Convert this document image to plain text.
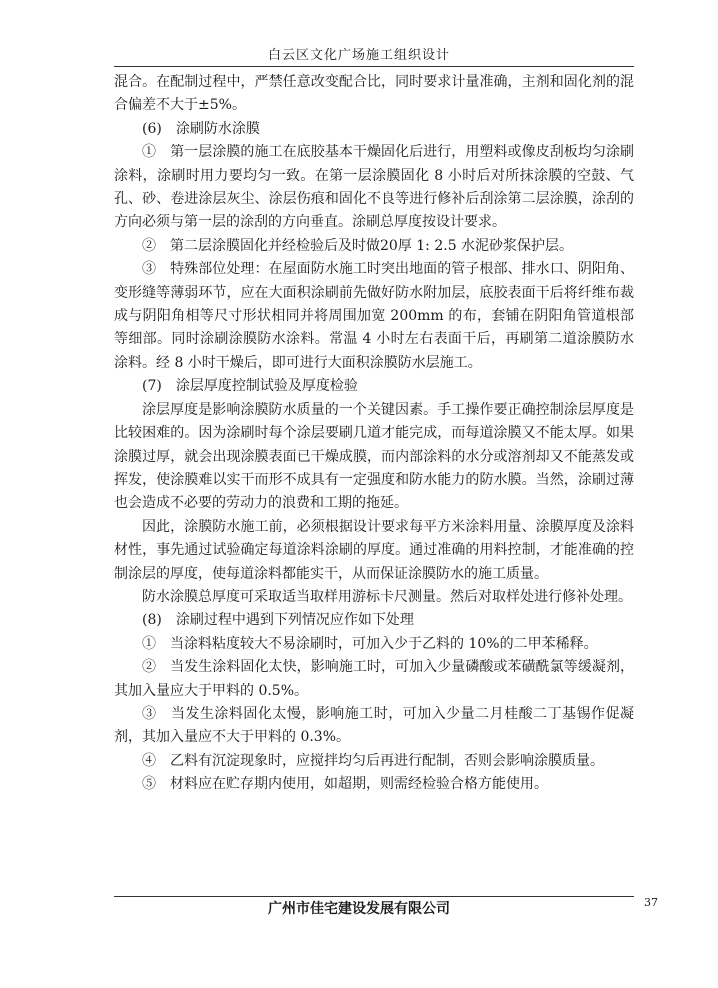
白云区文化广场施工组织设计

混合。在配制过程中，严禁任意改变配合比，同时要求计量准确，主剂和固化剂的混合偏差不大于±5%。

(6)　涂刷防水涂膜

①　第一层涂膜的施工在底胶基本干燥固化后进行，用塑料或像皮刮板均匀涂刷涂料，涂刷时用力要均匀一致。在第一层涂膜固化 8 小时后对所抹涂膜的空鼓、气孔、砂、卷进涂层灰尘、涂层伤痕和固化不良等进行修补后刮涂第二层涂膜，涂刮的方向必须与第一层的涂刮的方向垂直。涂刷总厚度按设计要求。

②　第二层涂膜固化并经检验后及时做20厚 1: 2.5 水泥砂浆保护层。

③　特殊部位处理：在屋面防水施工时突出地面的管子根部、排水口、阴阳角、变形缝等薄弱环节，应在大面积涂刷前先做好防水附加层，底胶表面干后将纤维布裁成与阴阳角相等尺寸形状相同并将周围加宽 200mm 的布，套铺在阴阳角管道根部等细部。同时涂刷涂膜防水涂料。常温 4 小时左右表面干后，再刷第二道涂膜防水涂料。经 8 小时干燥后，即可进行大面积涂膜防水层施工。

(7)　涂层厚度控制试验及厚度检验

涂层厚度是影响涂膜防水质量的一个关键因素。手工操作要正确控制涂层厚度是比较困难的。因为涂刷时每个涂层要刷几道才能完成，而每道涂膜又不能太厚。如果涂膜过厚，就会出现涂膜表面已干燥成膜，而内部涂料的水分或溶剂却又不能蒸发或挥发，使涂膜难以实干而形不成具有一定强度和防水能力的防水膜。当然，涂刷过薄也会造成不必要的劳动力的浪费和工期的拖延。

因此，涂膜防水施工前，必须根据设计要求每平方米涂料用量、涂膜厚度及涂料材性，事先通过试验确定每道涂料涂刷的厚度。通过准确的用料控制，才能准确的控制涂层的厚度，使每道涂料都能实干，从而保证涂膜防水的施工质量。

防水涂膜总厚度可采取适当取样用游标卡尺测量。然后对取样处进行修补处理。

(8)　涂刷过程中遇到下列情况应作如下处理

①　当涂料粘度较大不易涂刷时，可加入少于乙料的 10%的二甲苯稀释。

②　当发生涂料固化太快，影响施工时，可加入少量磷酸或苯磺酰氯等缓凝剂，其加入量应大于甲料的 0.5%。

③　当发生涂料固化太慢，影响施工时，可加入少量二月桂酸二丁基锡作促凝剂，其加入量应不大于甲料的 0.3%。

④　乙料有沉淀现象时，应搅拌均匀后再进行配制，否则会影响涂膜质量。

⑤　材料应在贮存期内使用，如超期，则需经检验合格方能使用。

广州市佳宅建设发展有限公司	37
